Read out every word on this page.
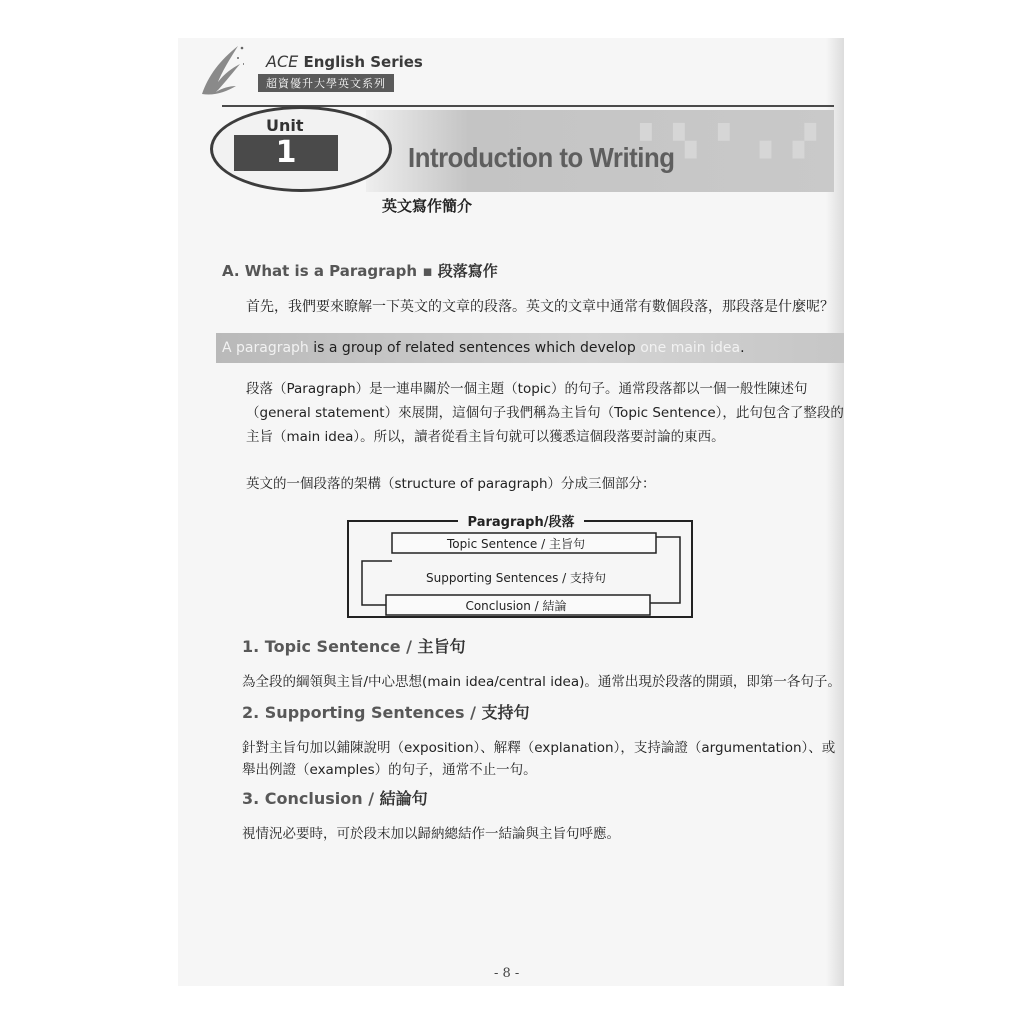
ACE English Series
超資優升大學英文系列
▘▚▝ ▖▞
Introduction to Writing
Unit
1
英文寫作簡介
A. What is a Paragraph ▪ 段落寫作
首先，我們要來瞭解一下英文的文章的段落。英文的文章中通常有數個段落，那段落是什麼呢？
A paragraph is a group of related sentences which develop one main idea.
段落（Paragraph）是一連串關於一個主題（topic）的句子。通常段落都以一個一般性陳述句
（general statement）來展開，這個句子我們稱為主旨句（Topic Sentence），此句包含了整段的
主旨（main idea）。所以，讀者從看主旨句就可以獲悉這個段落要討論的東西。
英文的一個段落的架構（structure of paragraph）分成三個部分：
Paragraph/段落
Topic Sentence / 主旨句
Supporting Sentences / 支持句
Conclusion / 結論
1. Topic Sentence / 主旨句
為全段的綱領與主旨/中心思想(main idea/central idea)。通常出現於段落的開頭，即第一各句子。
2. Supporting Sentences / 支持句
針對主旨句加以鋪陳說明（exposition）、解釋（explanation），支持論證（argumentation）、或
舉出例證（examples）的句子，通常不止一句。
3. Conclusion / 結論句
視情況必要時，可於段末加以歸納總結作一結論與主旨句呼應。
- 8 -
